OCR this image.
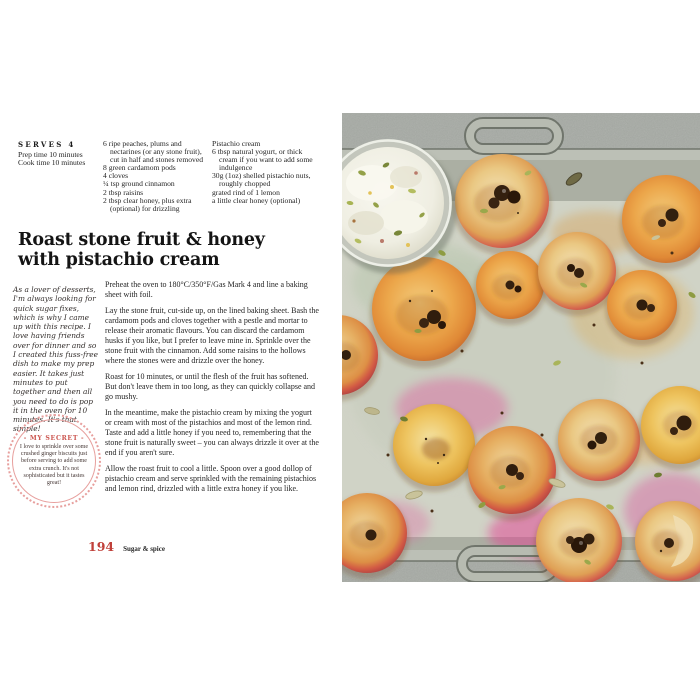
SERVES 4
Prep time 10 minutes
Cook time 10 minutes
6 ripe peaches, plums and nectarines (or any stone fruit), cut in half and stones removed
8 green cardamom pods
4 cloves
¼ tsp ground cinnamon
2 tbsp raisins
2 tbsp clear honey, plus extra (optional) for drizzling
Pistachio cream
6 tbsp natural yogurt, or thick cream if you want to add some indulgence
30g (1oz) shelled pistachio nuts, roughly chopped
grated rind of 1 lemon
a little clear honey (optional)
Roast stone fruit & honey
with pistachio cream
As a lover of desserts, I'm always looking for quick sugar fixes, which is why I came up with this recipe. I love having friends over for dinner and so I created this fuss-free dish to make my prep easier. It takes just minutes to put together and then all you need to do is pop it in the oven for 10 minutes. It's that simple!
- MY SECRET -
I love to sprinkle over some crushed ginger biscuits just before serving to add some extra crunch. It's not sophisticated but it tastes great!

Preheat the oven to 180°C/350°F/Gas Mark 4 and line a baking sheet with foil.

Lay the stone fruit, cut-side up, on the lined baking sheet. Bash the cardamom pods and cloves together with a pestle and mortar to release their aromatic flavours. You can discard the cardamom husks if you like, but I prefer to leave mine in. Sprinkle over the stone fruit with the cinnamon. Add some raisins to the hollows where the stones were and drizzle over the honey.

Roast for 10 minutes, or until the flesh of the fruit has softened. But don't leave them in too long, as they can quickly collapse and go mushy.

In the meantime, make the pistachio cream by mixing the yogurt or cream with most of the pistachios and most of the lemon rind. Taste and add a little honey if you need to, remembering that the stone fruit is naturally sweet – you can always drizzle it over at the end if you aren't sure.

Allow the roast fruit to cool a little. Spoon over a good dollop of pistachio cream and serve sprinkled with the remaining pistachios and lemon rind, drizzled with a little extra honey if you like.

194 Sugar & spice
